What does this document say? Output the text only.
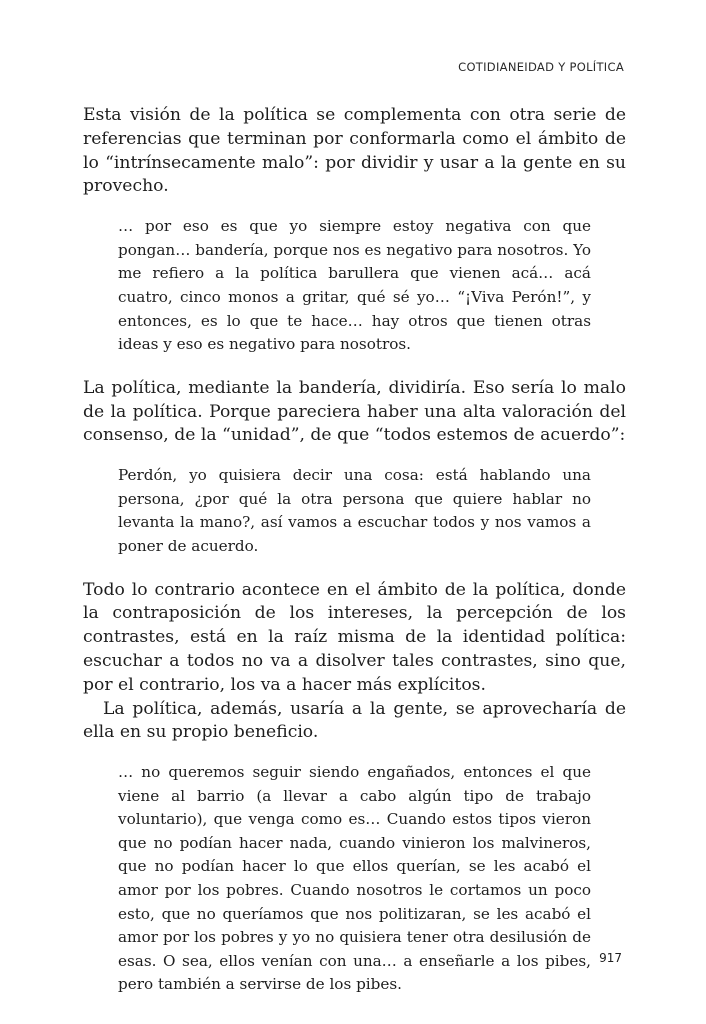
COTIDIANEIDAD Y POLÍTICA

Esta visión de la política se complementa con otra serie de referencias que terminan por conformarla como el ámbito de lo “intrínsecamente malo”: por dividir y usar a la gente en su provecho.

… por eso es que yo siempre estoy negativa con que pongan… bandería, porque nos es negativo para nosotros. Yo me refiero a la política barullera que vienen acá… acá cuatro, cinco monos a gritar, qué sé yo… “¡Viva Perón!”, y entonces, es lo que te hace… hay otros que tienen otras ideas y eso es negativo para nosotros.

La política, mediante la bandería, dividiría. Eso sería lo malo de la política. Porque pareciera haber una alta valoración del consenso, de la “unidad”, de que “todos estemos de acuerdo”:

Perdón, yo quisiera decir una cosa: está hablando una persona, ¿por qué la otra persona que quiere hablar no levanta la mano?, así vamos a escuchar todos y nos vamos a poner de acuerdo.

Todo lo contrario acontece en el ámbito de la política, donde la contraposición de los intereses, la percepción de los contrastes, está en la raíz misma de la identidad política: escuchar a todos no va a disolver tales contrastes, sino que, por el contrario, los va a hacer más explícitos.

La política, además, usaría a la gente, se aprovecharía de ella en su propio beneficio.

… no queremos seguir siendo engañados, entonces el que viene al barrio (a llevar a cabo algún tipo de trabajo voluntario), que venga como es… Cuando estos tipos vieron que no podían hacer nada, cuando vinieron los malvineros, que no podían hacer lo que ellos querían, se les acabó el amor por los pobres. Cuando nosotros le cortamos un poco esto, que no queríamos que nos politizaran, se les acabó el amor por los pobres y yo no quisiera tener otra desilusión de esas. O sea, ellos venían con una… a enseñarle a los pibes, pero también a servirse de los pibes.

917
